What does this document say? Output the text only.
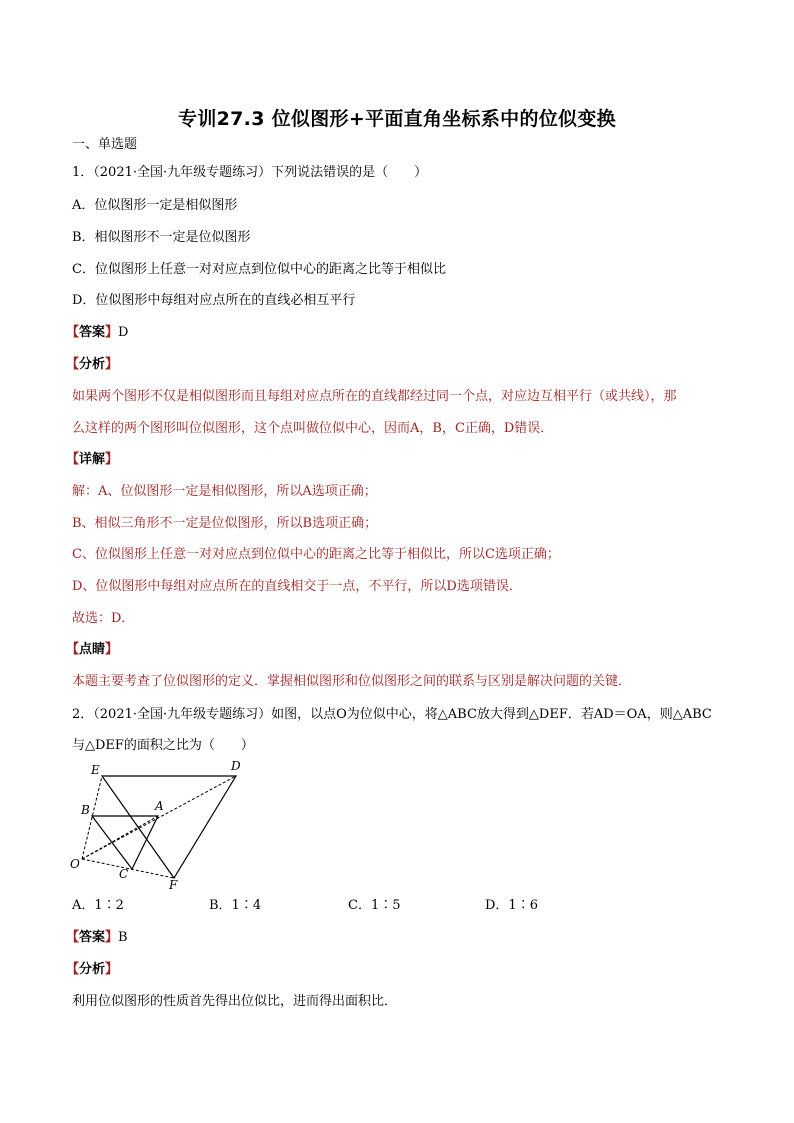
专训27.3 位似图形+平面直角坐标系中的位似变换
一、单选题
1．（2021·全国·九年级专题练习）下列说法错误的是（　　）
A．位似图形一定是相似图形
B．相似图形不一定是位似图形
C．位似图形上任意一对对应点到位似中心的距离之比等于相似比
D．位似图形中每组对应点所在的直线必相互平行
【答案】D
【分析】
如果两个图形不仅是相似图形而且每组对应点所在的直线都经过同一个点，对应边互相平行（或共线），那
么这样的两个图形叫位似图形，这个点叫做位似中心，因而A，B，C正确，D错误．
【详解】
解：A、位似图形一定是相似图形，所以A选项正确；
B、相似三角形不一定是位似图形，所以B选项正确；
C、位似图形上任意一对对应点到位似中心的距离之比等于相似比，所以C选项正确；
D、位似图形中每组对应点所在的直线相交于一点，不平行，所以D选项错误．
故选：D．
【点睛】
本题主要考查了位似图形的定义．掌握相似图形和位似图形之间的联系与区别是解决问题的关键．
2．（2021·全国·九年级专题练习）如图，以点O为位似中心，将△ABC放大得到△DEF．若AD＝OA，则△ABC
与△DEF的面积之比为（　　）
E	D
B	A
O
C
F
A．1∶2	B．1∶4	C．1∶5	D．1∶6
【答案】B
【分析】
利用位似图形的性质首先得出位似比，进而得出面积比．
